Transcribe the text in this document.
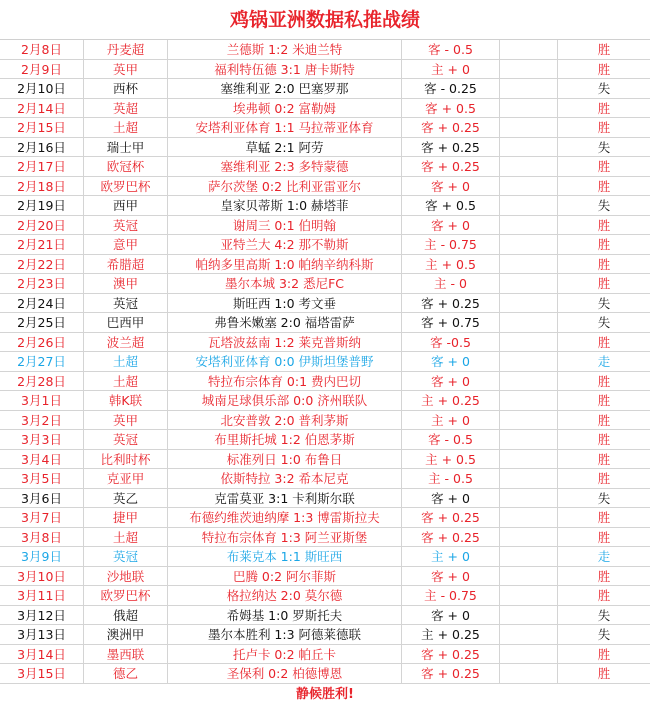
鸡锅亚洲数据私推战绩
2月8日	丹麦超	兰德斯 1:2 米迪兰特	客 - 0.5	胜
2月9日	英甲	福利特伍德 3:1 唐卡斯特	主 + 0	胜
2月10日	西杯	塞维利亚 2:0 巴塞罗那	客 - 0.25	失
2月14日	英超	埃弗顿 0:2 富勒姆	客 + 0.5	胜
2月15日	土超	安塔利亚体育 1:1 马拉蒂亚体育	客 + 0.25	胜
2月16日	瑞士甲	草蜢 2:1 阿劳	客 + 0.25	失
2月17日	欧冠杯	塞维利亚 2:3 多特蒙德	客 + 0.25	胜
2月18日	欧罗巴杯	萨尔茨堡 0:2 比利亚雷亚尔	客 + 0	胜
2月19日	西甲	皇家贝蒂斯 1:0 赫塔菲	客 + 0.5	失
2月20日	英冠	谢周三 0:1 伯明翰	客 + 0	胜
2月21日	意甲	亚特兰大 4:2 那不勒斯	主 - 0.75	胜
2月22日	希腊超	帕纳多里高斯 1:0 帕纳辛纳科斯	主 + 0.5	胜
2月23日	澳甲	墨尔本城 3:2 悉尼FC	主 - 0	胜
2月24日	英冠	斯旺西 1:0 考文垂	客 + 0.25	失
2月25日	巴西甲	弗鲁米嫩塞 2:0 福塔雷萨	客 + 0.75	失
2月26日	波兰超	瓦塔波兹南 1:2 莱克普斯纳	客 -0.5	胜
2月27日	土超	安塔利亚体育 0:0 伊斯坦堡普野	客 + 0	走
2月28日	土超	特拉布宗体育 0:1 费内巴切	客 + 0	胜
3月1日	韩K联	城南足球俱乐部 0:0 济州联队	主 + 0.25	胜
3月2日	英甲	北安普敦 2:0 普利茅斯	主 + 0	胜
3月3日	英冠	布里斯托城 1:2 伯恩茅斯	客 - 0.5	胜
3月4日	比利时杯	标准列日 1:0 布鲁日	主 + 0.5	胜
3月5日	克亚甲	依斯特拉 3:2 希本尼克	主 - 0.5	胜
3月6日	英乙	克雷莫亚 3:1 卡利斯尔联	客 + 0	失
3月7日	捷甲	布德约维茨迪纳摩 1:3 博雷斯拉夫	客 + 0.25	胜
3月8日	土超	特拉布宗体育 1:3 阿兰亚斯堡	客 + 0.25	胜
3月9日	英冠	布莱克本 1:1 斯旺西	主 + 0	走
3月10日	沙地联	巴腾 0:2 阿尔菲斯	客 + 0	胜
3月11日	欧罗巴杯	格拉纳达 2:0 莫尔德	主 - 0.75	胜
3月12日	俄超	希姆基 1:0 罗斯托夫	客 + 0	失
3月13日	澳洲甲	墨尔本胜利 1:3 阿德莱德联	主 + 0.25	失
3月14日	墨西联	托卢卡 0:2 帕丘卡	客 + 0.25	胜
3月15日	德乙	圣保利 0:2 柏德博恩	客 + 0.25	胜
静候胜利!
